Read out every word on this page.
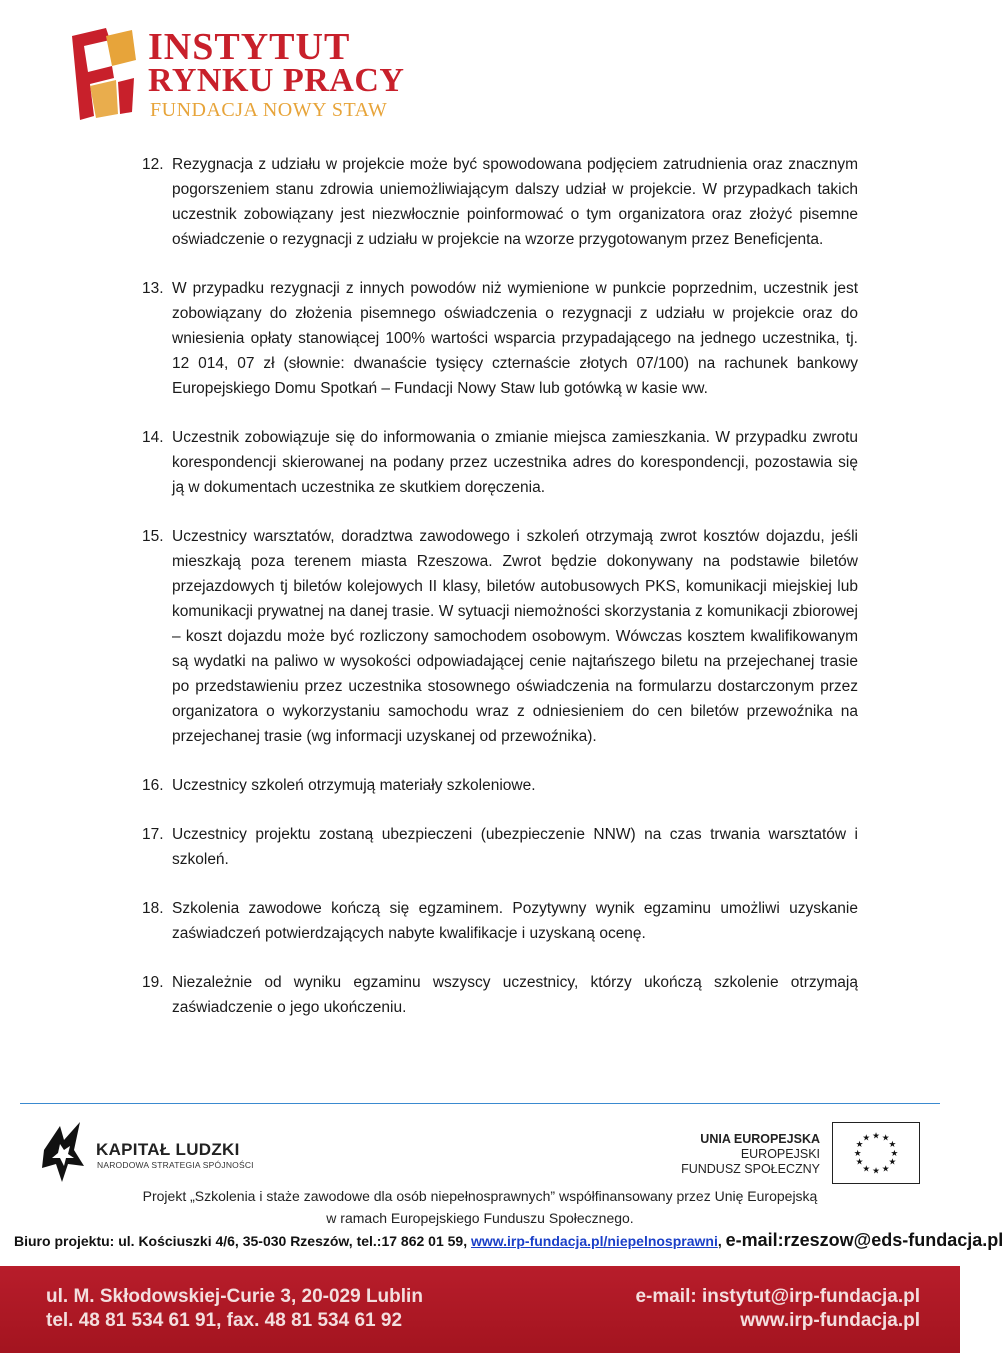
INSTYTUT
RYNKU PRACY
FUNDACJA NOWY STAW
12. Rezygnacja z udziału w projekcie może być spowodowana podjęciem zatrudnienia oraz znacznym pogorszeniem stanu zdrowia uniemożliwiającym dalszy udział w projekcie. W przypadkach takich uczestnik zobowiązany jest niezwłocznie poinformować o tym organizatora oraz złożyć pisemne oświadczenie o rezygnacji z udziału w projekcie na wzorze przygotowanym przez Beneficjenta.
13. W przypadku rezygnacji z innych powodów niż wymienione w punkcie poprzednim, uczestnik jest zobowiązany do złożenia pisemnego oświadczenia o rezygnacji z udziału w projekcie oraz do wniesienia opłaty stanowiącej 100% wartości wsparcia przypadającego na jednego uczestnika, tj. 12 014, 07 zł (słownie: dwanaście tysięcy czternaście złotych 07/100) na rachunek bankowy Europejskiego Domu Spotkań – Fundacji Nowy Staw lub gotówką w kasie ww.
14. Uczestnik zobowiązuje się do informowania o zmianie miejsca zamieszkania. W przypadku zwrotu korespondencji skierowanej na podany przez uczestnika adres do korespondencji, pozostawia się ją w dokumentach uczestnika ze skutkiem doręczenia.
15. Uczestnicy warsztatów, doradztwa zawodowego i szkoleń otrzymają zwrot kosztów dojazdu, jeśli mieszkają poza terenem miasta Rzeszowa. Zwrot będzie dokonywany na podstawie biletów przejazdowych tj biletów kolejowych II klasy, biletów autobusowych PKS, komunikacji miejskiej lub komunikacji prywatnej na danej trasie. W sytuacji niemożności skorzystania z komunikacji zbiorowej – koszt dojazdu może być rozliczony samochodem osobowym. Wówczas kosztem kwalifikowanym są wydatki na paliwo w wysokości odpowiadającej cenie najtańszego biletu na przejechanej trasie po przedstawieniu przez uczestnika stosownego oświadczenia na formularzu dostarczonym przez organizatora o wykorzystaniu samochodu wraz z odniesieniem do cen biletów przewoźnika na przejechanej trasie (wg informacji uzyskanej od przewoźnika).
16. Uczestnicy szkoleń otrzymują materiały szkoleniowe.
17. Uczestnicy projektu zostaną ubezpieczeni (ubezpieczenie NNW) na czas trwania warsztatów i szkoleń.
18. Szkolenia zawodowe kończą się egzaminem. Pozytywny wynik egzaminu umożliwi uzyskanie zaświadczeń potwierdzających nabyte kwalifikacje i uzyskaną ocenę.
19. Niezależnie od wyniku egzaminu wszyscy uczestnicy, którzy ukończą szkolenie otrzymają zaświadczenie o jego ukończeniu.
KAPITAŁ LUDZKI
NARODOWA STRATEGIA SPÓJNOŚCI
UNIA EUROPEJSKA
EUROPEJSKI
FUNDUSZ SPOŁECZNY
★ ★
★
★
★
★
★
★
★
★
★
★
Projekt „Szkolenia i staże zawodowe dla osób niepełnosprawnych” współfinansowany przez Unię Europejską
w ramach Europejskiego Funduszu Społecznego.
Biuro projektu: ul. Kościuszki 4/6, 35-030 Rzeszów, tel.:17 862 01 59, www.irp-fundacja.pl/niepelnosprawni, e-mail:rzeszow@eds-fundacja.pl
ul. M. Skłodowskiej-Curie 3, 20-029 Lublin
tel. 48 81 534 61 91, fax. 48 81 534 61 92
e-mail: instytut@irp-fundacja.pl
www.irp-fundacja.pl
